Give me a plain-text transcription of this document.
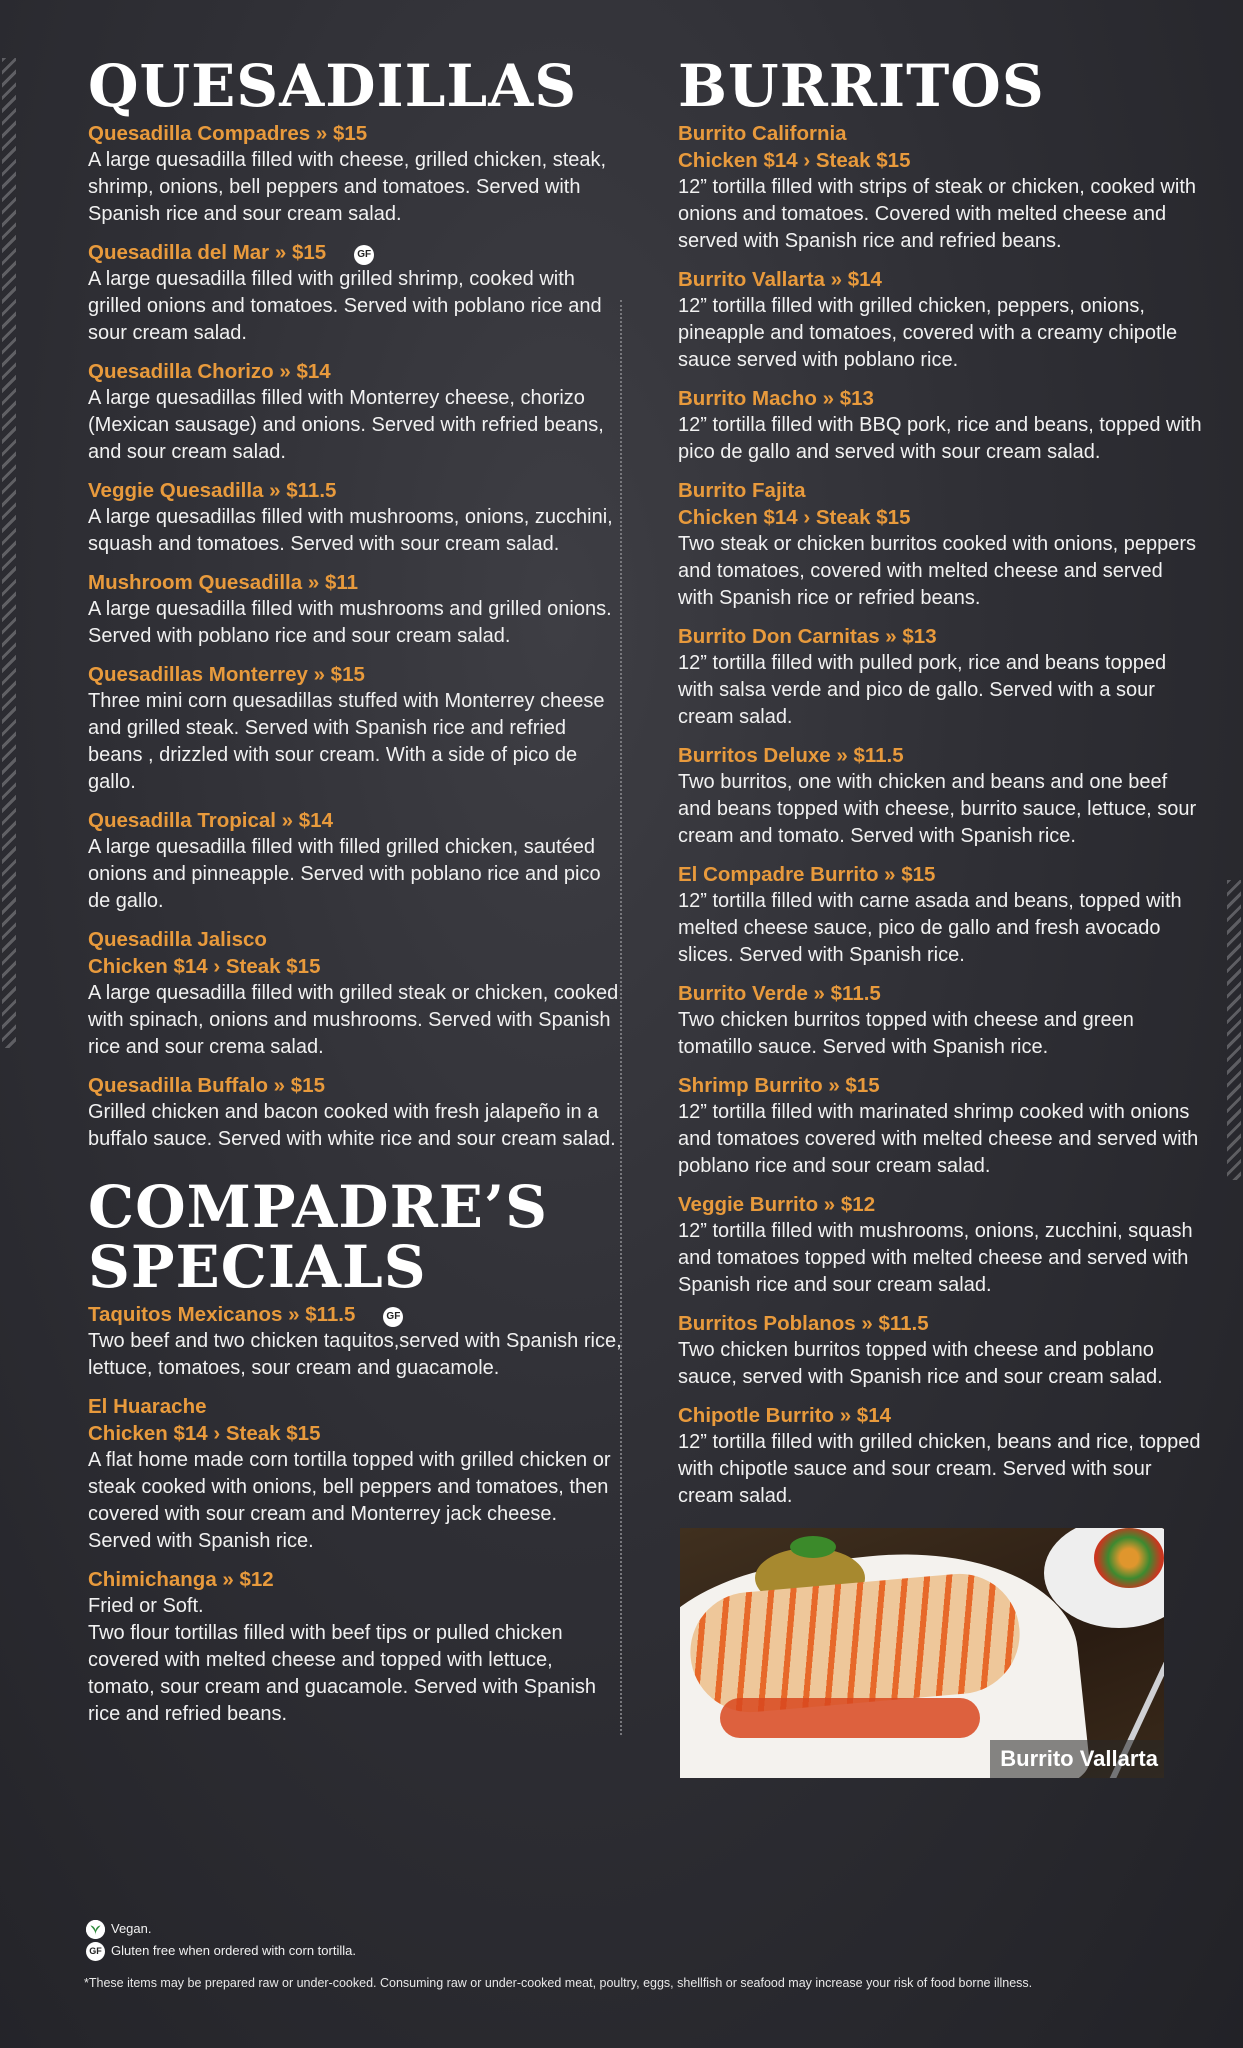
QUESADILLAS
Quesadilla Compadres » $15
A large quesadilla filled with cheese, grilled chicken, steak, shrimp, onions, bell peppers and tomatoes. Served with Spanish rice and sour cream salad.
Quesadilla del Mar » $15	GF
A large quesadilla filled with grilled shrimp, cooked with grilled onions and tomatoes. Served with poblano rice and sour cream salad.
Quesadilla Chorizo » $14
A large quesadillas filled with Monterrey cheese, chorizo (Mexican sausage) and onions. Served with refried beans, and sour cream salad.
Veggie Quesadilla » $11.5
A large quesadillas filled with mushrooms, onions, zucchini, squash and tomatoes. Served with sour cream salad.
Mushroom Quesadilla » $11
A large quesadilla filled with mushrooms and grilled onions. Served with poblano rice and sour cream salad.
Quesadillas Monterrey » $15
Three mini corn quesadillas stuffed with Monterrey cheese and grilled steak. Served with Spanish rice and refried beans , drizzled with sour cream. With a side of pico de gallo.
Quesadilla Tropical » $14
A large quesadilla filled with filled grilled chicken, sautéed onions and pinneapple. Served with poblano rice and pico de gallo.
Quesadilla Jalisco
Chicken $14 › Steak $15
A large quesadilla filled with grilled steak or chicken, cooked with spinach, onions and mushrooms. Served with Spanish rice and sour crema salad.
Quesadilla Buffalo » $15
Grilled chicken and bacon cooked with fresh jalapeño in a buffalo sauce. Served with white rice and sour cream salad.
COMPADRE’S SPECIALS
Taquitos Mexicanos » $11.5	GF
Two beef and two chicken taquitos,served with Spanish rice, lettuce, tomatoes, sour cream and guacamole.
El Huarache
Chicken $14 › Steak $15
A flat home made corn tortilla topped with grilled chicken or steak cooked with onions, bell peppers and tomatoes, then covered with sour cream and Monterrey jack cheese. Served with Spanish rice.
Chimichanga » $12
Fried or Soft.
Two flour tortillas filled with beef tips or pulled chicken covered with melted cheese and topped with lettuce, tomato, sour cream and guacamole. Served with Spanish rice and refried beans.
BURRITOS
Burrito California
Chicken $14 › Steak $15
12” tortilla filled with strips of steak or chicken, cooked with onions and tomatoes. Covered with melted cheese and served with Spanish rice and refried beans.
Burrito Vallarta » $14
12” tortilla filled with grilled chicken, peppers, onions, pineapple and tomatoes, covered with a creamy chipotle sauce served with poblano rice.
Burrito Macho » $13
12” tortilla filled with BBQ pork, rice and beans, topped with pico de gallo and served with sour cream salad.
Burrito Fajita
Chicken $14 › Steak $15
Two steak or chicken burritos cooked with onions, peppers and tomatoes, covered with melted cheese and served with Spanish rice or refried beans.
Burrito Don Carnitas » $13
12” tortilla filled with pulled pork, rice and beans topped with salsa verde and pico de gallo. Served with a sour cream salad.
Burritos Deluxe » $11.5
Two burritos, one with chicken and beans and one beef and beans topped with cheese, burrito sauce, lettuce, sour cream and tomato. Served with Spanish rice.
El Compadre Burrito » $15
12” tortilla filled with carne asada and beans, topped with melted cheese sauce, pico de gallo and fresh avocado slices. Served with Spanish rice.
Burrito Verde » $11.5
Two chicken burritos topped with cheese and green tomatillo sauce. Served with Spanish rice.
Shrimp Burrito » $15
12” tortilla filled with marinated shrimp cooked with onions and tomatoes covered with melted cheese and served with poblano rice and sour cream salad.
Veggie Burrito » $12
12” tortilla filled with mushrooms, onions, zucchini, squash and tomatoes topped with melted cheese and served with Spanish rice and sour cream salad.
Burritos Poblanos » $11.5
Two chicken burritos topped with cheese and poblano sauce, served with Spanish rice and sour cream salad.
Chipotle Burrito » $14
12” tortilla filled with grilled chicken, beans and rice, topped with chipotle sauce and sour cream. Served with sour cream salad.
Burrito Vallarta
Vegan.
GF Gluten free when ordered with corn tortilla.
*These items may be prepared raw or under-cooked. Consuming raw or under-cooked meat, poultry, eggs, shellfish or seafood may increase your risk of food borne illness.
